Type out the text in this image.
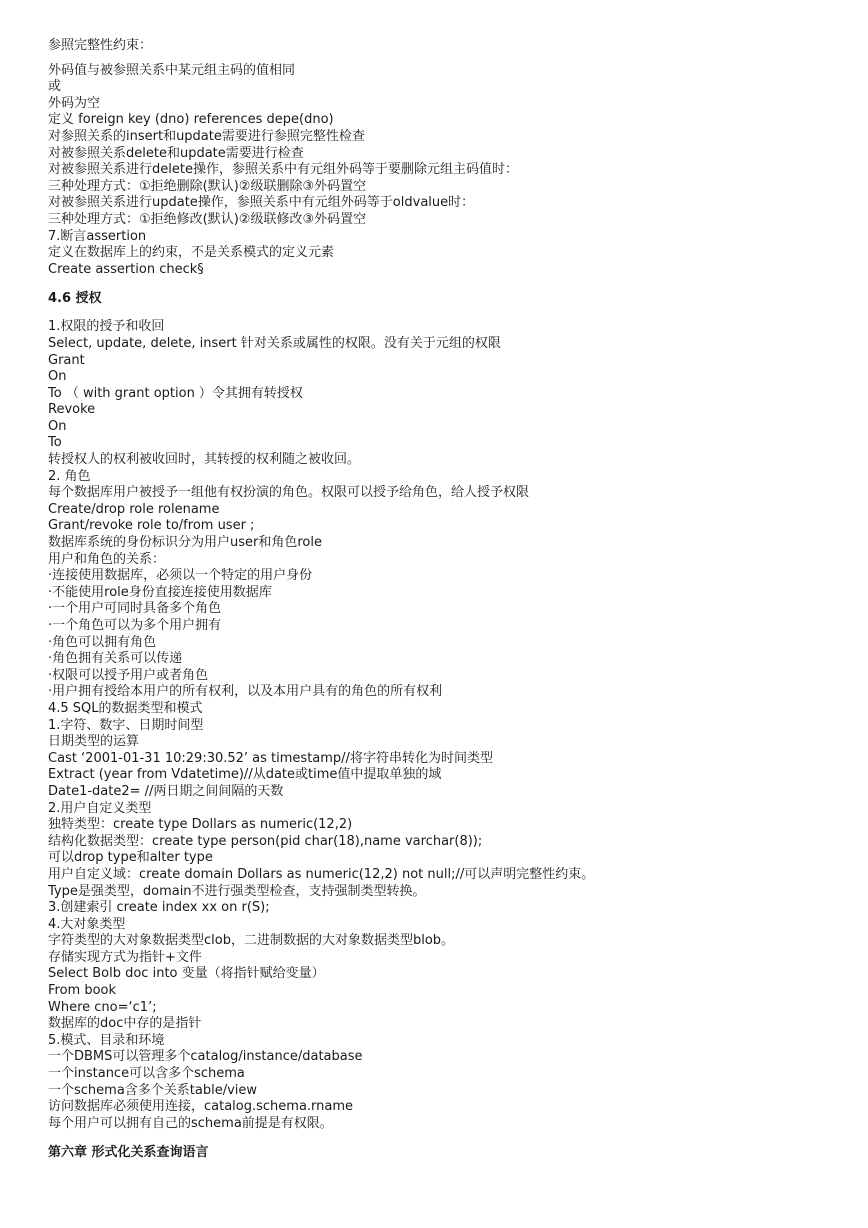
参照完整性约束：
外码值与被参照关系中某元组主码的值相同
或
外码为空
定义 foreign key (dno) references depe(dno)
对参照关系的insert和update需要进行参照完整性检查
对被参照关系delete和update需要进行检查
对被参照关系进行delete操作，参照关系中有元组外码等于要删除元组主码值时：
三种处理方式：①拒绝删除(默认)②级联删除③外码置空
对被参照关系进行update操作，参照关系中有元组外码等于oldvalue时：
三种处理方式：①拒绝修改(默认)②级联修改③外码置空
7.断言assertion
定义在数据库上的约束，不是关系模式的定义元素
Create assertion check§
4.6 授权
1.权限的授予和收回
Select, update, delete, insert 针对关系或属性的权限。没有关于元组的权限
Grant
On
To （ with grant option ）令其拥有转授权
Revoke
On
To
转授权人的权利被收回时，其转授的权利随之被收回。
2. 角色
每个数据库用户被授予一组他有权扮演的角色。权限可以授予给角色，给人授予权限
Create/drop role rolename
Grant/revoke role to/from user ;
数据库系统的身份标识分为用户user和角色role
用户和角色的关系：
·连接使用数据库，必须以一个特定的用户身份
·不能使用role身份直接连接使用数据库
·一个用户可同时具备多个角色
·一个角色可以为多个用户拥有
·角色可以拥有角色
·角色拥有关系可以传递
·权限可以授予用户或者角色
·用户拥有授给本用户的所有权利，以及本用户具有的角色的所有权利
4.5 SQL的数据类型和模式
1.字符、数字、日期时间型
日期类型的运算
Cast ‘2001-01-31 10:29:30.52’ as timestamp//将字符串转化为时间类型
Extract (year from Vdatetime)//从date或time值中提取单独的域
Date1-date2= //两日期之间间隔的天数
2.用户自定义类型
独特类型：create type Dollars as numeric(12,2)
结构化数据类型：create type person(pid char(18),name varchar(8));
可以drop type和alter type
用户自定义域：create domain Dollars as numeric(12,2) not null;//可以声明完整性约束。
Type是强类型，domain不进行强类型检查，支持强制类型转换。
3.创建索引 create index xx on r(S);
4.大对象类型
字符类型的大对象数据类型clob，二进制数据的大对象数据类型blob。
存储实现方式为指针+文件
Select Bolb doc into 变量（将指针赋给变量）
From book
Where cno=‘c1’;
数据库的doc中存的是指针
5.模式、目录和环境
一个DBMS可以管理多个catalog/instance/database
一个instance可以含多个schema
一个schema含多个关系table/view
访问数据库必须使用连接，catalog.schema.rname
每个用户可以拥有自己的schema前提是有权限。
第六章 形式化关系查询语言
